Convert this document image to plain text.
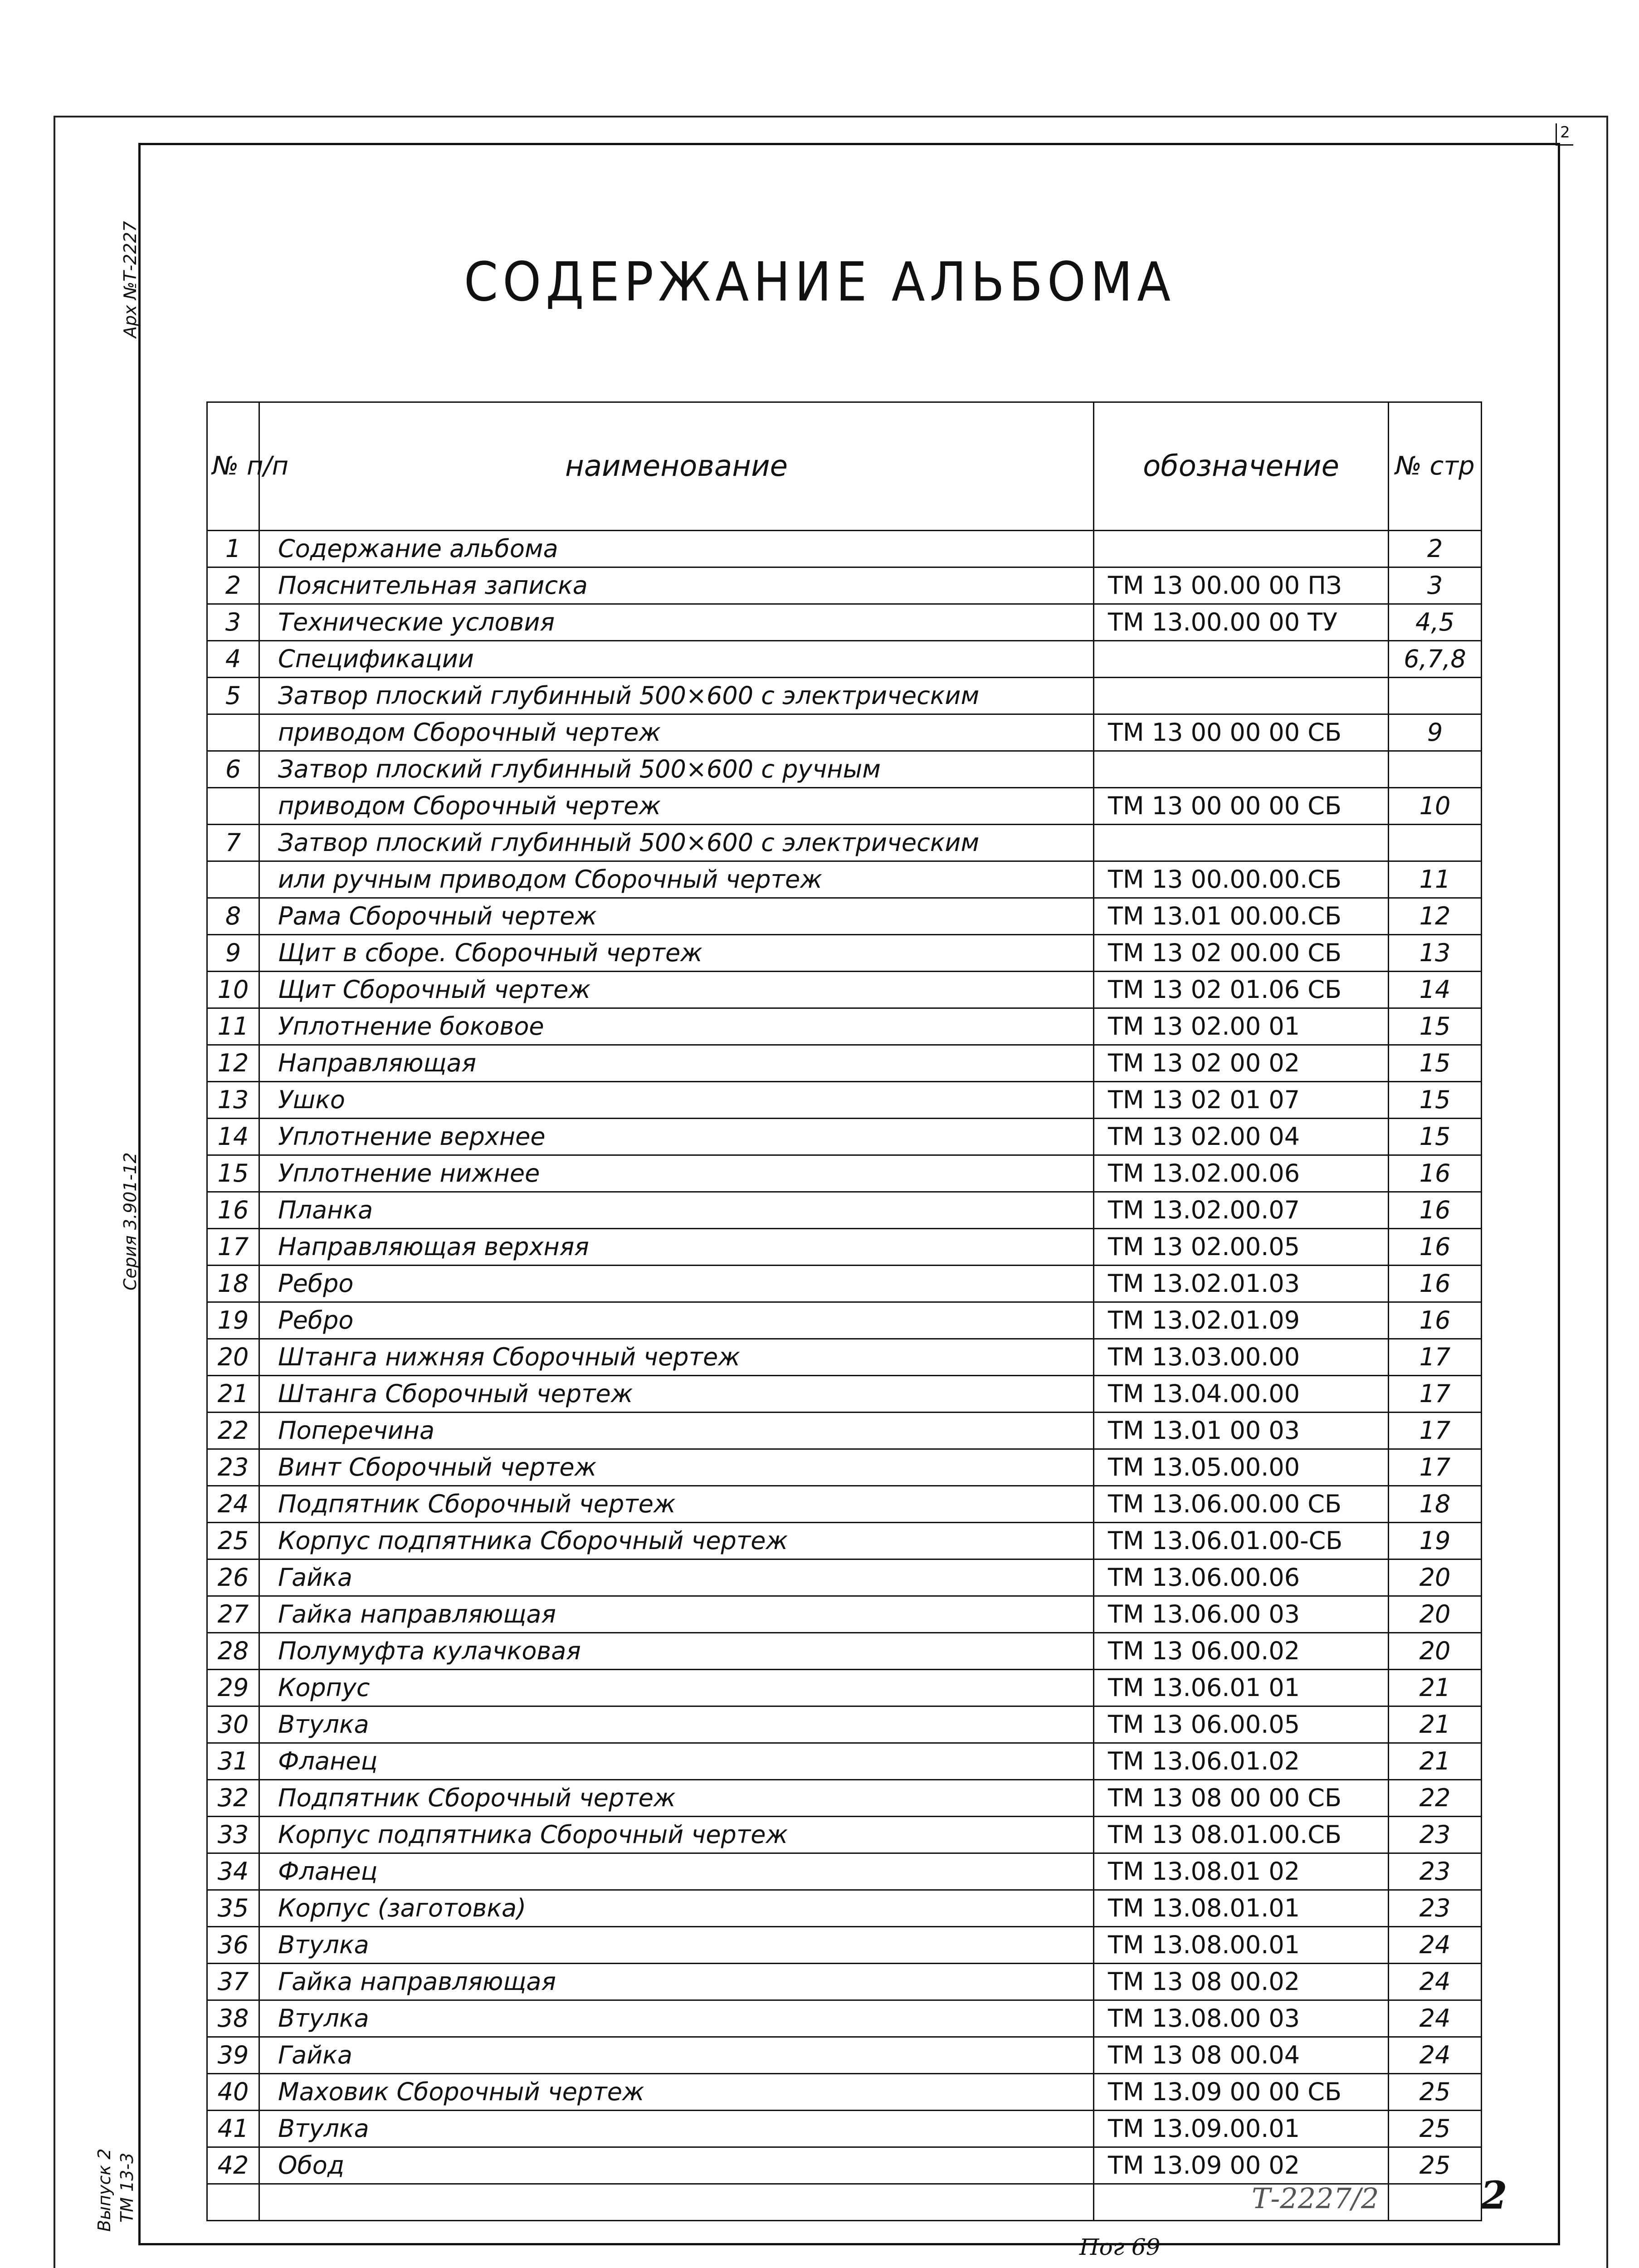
2
Арх №Т-2227
Серия 3.901-12
Выпуск 2 ТМ 13-3
СОДЕРЖАНИЕ АЛЬБОМА
№ п/п	наименование	обозначение	№ стр
1	Содержание альбома		2
2	Пояснительная записка	ТМ 13 00.00 00 ПЗ	3
3	Технические условия	ТМ 13.00.00 00 ТУ	4,5
4	Спецификации		6,7,8
5	Затвор плоский глубинный 500×600 с электрическим		
	приводом Сборочный чертеж	ТМ 13 00 00 00 СБ	9
6	Затвор плоский глубинный 500×600 с ручным		
	приводом Сборочный чертеж	ТМ 13 00 00 00 СБ	10
7	Затвор плоский глубинный 500×600 с электрическим		
	или ручным приводом Сборочный чертеж	ТМ 13 00.00.00.СБ	11
8	Рама Сборочный чертеж	ТМ 13.01 00.00.СБ	12
9	Щит в сборе. Сборочный чертеж	ТМ 13 02 00.00 СБ	13
10	Щит Сборочный чертеж	ТМ 13 02 01.06 СБ	14
11	Уплотнение боковое	ТМ 13 02.00 01	15
12	Направляющая	ТМ 13 02 00 02	15
13	Ушко	ТМ 13 02 01 07	15
14	Уплотнение верхнее	ТМ 13 02.00 04	15
15	Уплотнение нижнее	ТМ 13.02.00.06	16
16	Планка	ТМ 13.02.00.07	16
17	Направляющая верхняя	ТМ 13 02.00.05	16
18	Ребро	ТМ 13.02.01.03	16
19	Ребро	ТМ 13.02.01.09	16
20	Штанга нижняя Сборочный чертеж	ТМ 13.03.00.00	17
21	Штанга Сборочный чертеж	ТМ 13.04.00.00	17
22	Поперечина	ТМ 13.01 00 03	17
23	Винт Сборочный чертеж	ТМ 13.05.00.00	17
24	Подпятник Сборочный чертеж	ТМ 13.06.00.00 СБ	18
25	Корпус подпятника Сборочный чертеж	ТМ 13.06.01.00-СБ	19
26	Гайка	ТМ 13.06.00.06	20
27	Гайка направляющая	ТМ 13.06.00 03	20
28	Полумуфта кулачковая	ТМ 13 06.00.02	20
29	Корпус	ТМ 13.06.01 01	21
30	Втулка	ТМ 13 06.00.05	21
31	Фланец	ТМ 13.06.01.02	21
32	Подпятник Сборочный чертеж	ТМ 13 08 00 00 СБ	22
33	Корпус подпятника Сборочный чертеж	ТМ 13 08.01.00.СБ	23
34	Фланец	ТМ 13.08.01 02	23
35	Корпус (заготовка)	ТМ 13.08.01.01	23
36	Втулка	ТМ 13.08.00.01	24
37	Гайка направляющая	ТМ 13 08 00.02	24
38	Втулка	ТМ 13.08.00 03	24
39	Гайка	ТМ 13 08 00.04	24
40	Маховик Сборочный чертеж	ТМ 13.09 00 00 СБ	25
41	Втулка	ТМ 13.09.00.01	25
42	Обод	ТМ 13.09 00 02	25

Т-2227/2	2
Пог 69
